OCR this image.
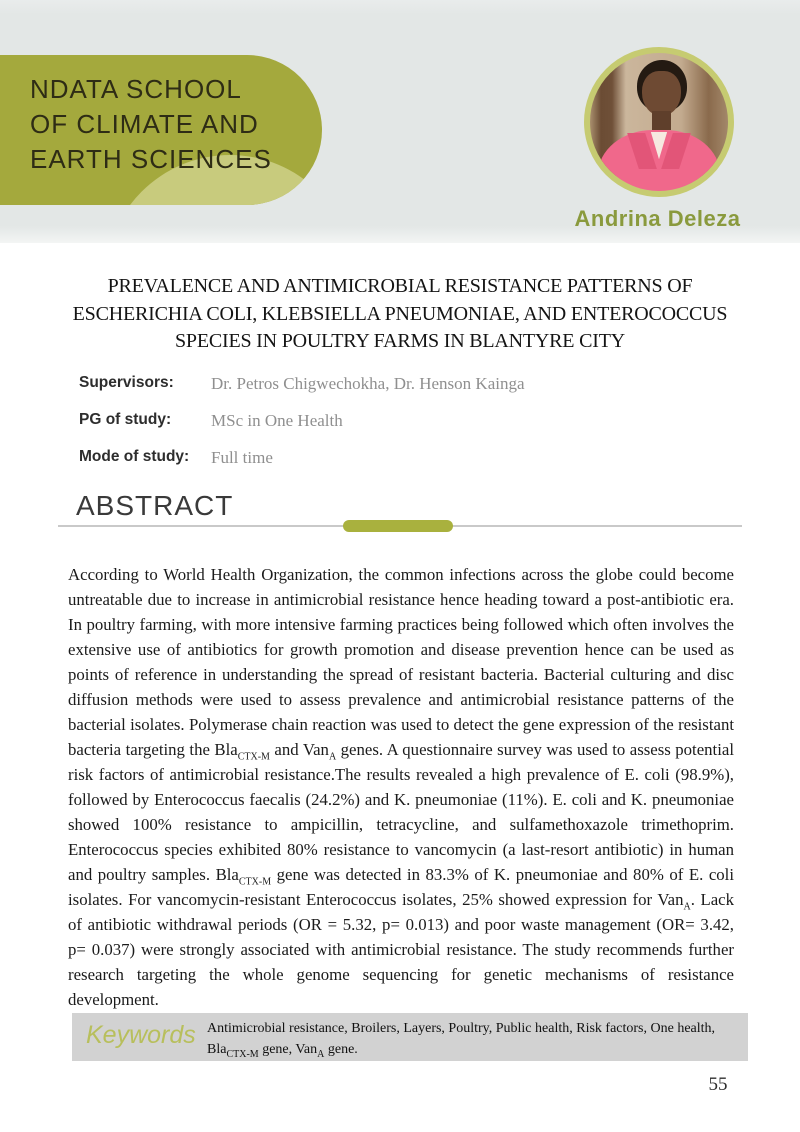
NDATA SCHOOL
OF CLIMATE AND
EARTH SCIENCES
Andrina Deleza
PREVALENCE AND ANTIMICROBIAL RESISTANCE PATTERNS OF
ESCHERICHIA COLI, KLEBSIELLA PNEUMONIAE, AND ENTEROCOCCUS
SPECIES IN POULTRY FARMS IN BLANTYRE CITY
Supervisors:	Dr. Petros Chigwechokha, Dr. Henson Kainga
PG of study:	MSc in One Health
Mode of study:	Full time
ABSTRACT

According to World Health Organization, the common infections across the globe could become untreatable due to increase in antimicrobial resistance hence heading toward a post-antibiotic era. In poultry farming, with more intensive farming practices being followed which often involves the extensive use of antibiotics for growth promotion and disease prevention hence can be used as points of reference in understanding the spread of resistant bacteria. Bacterial culturing and disc diffusion methods were used to assess prevalence and antimicrobial resistance patterns of the bacterial isolates. Polymerase chain reaction was used to detect the gene expression of the resistant bacteria targeting the Bla$_{CTX-M}$ and Van$_A$ genes. A questionnaire survey was used to assess potential risk factors of antimicrobial resistance.The results revealed a high prevalence of E. coli (98.9%), followed by Enterococcus faecalis (24.2%) and K. pneumoniae (11%). E. coli and K. pneumoniae showed 100% resistance to ampicillin, tetracycline, and sulfamethoxazole trimethoprim. Enterococcus species exhibited 80% resistance to vancomycin (a last-resort antibiotic) in human and poultry samples. Bla$_{CTX-M}$ gene was detected in 83.3% of K. pneumoniae and 80% of E. coli isolates. For vancomycin-resistant Enterococcus isolates, 25% showed expression for Van$_A$. Lack of antibiotic withdrawal periods (OR = 5.32, p= 0.013) and poor waste management (OR= 3.42, p= 0.037) were strongly associated with antimicrobial resistance. The study recommends further research targeting the whole genome sequencing for genetic mechanisms of resistance development.

Keywords Antimicrobial resistance, Broilers, Layers, Poultry, Public health, Risk factors, One health,
Bla$_{CTX-M}$ gene, Van$_A$ gene.
55
